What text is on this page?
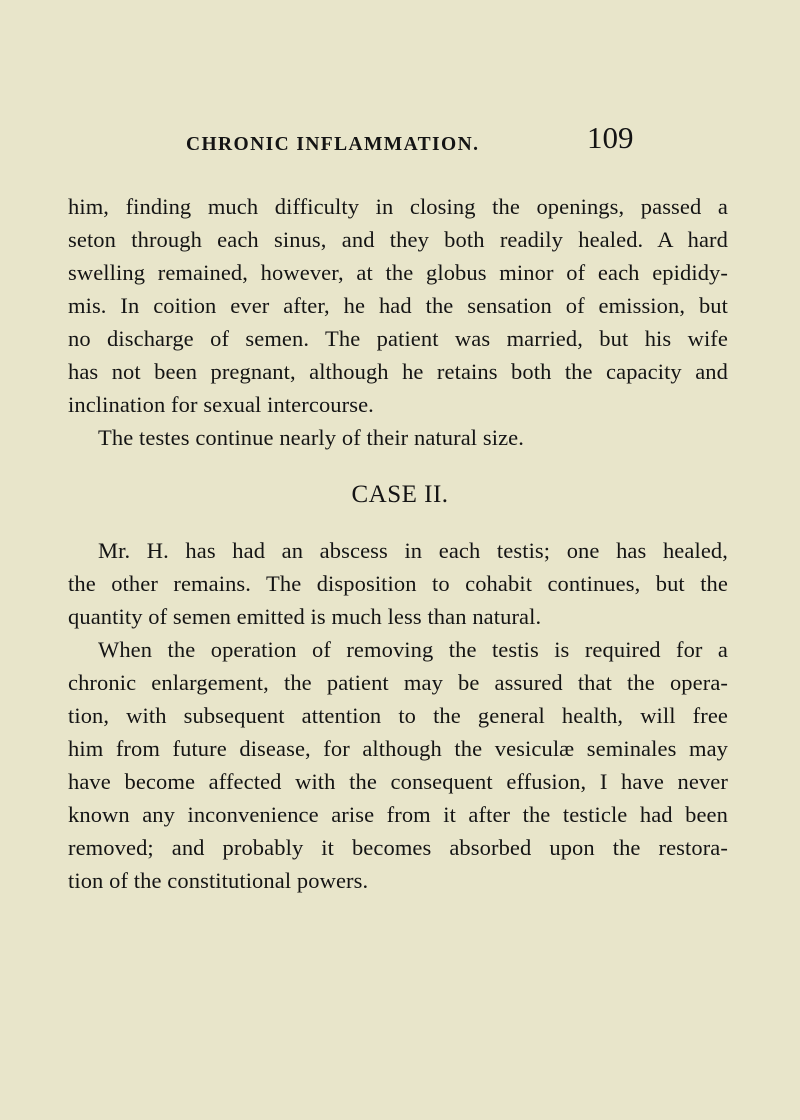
CHRONIC INFLAMMATION.	109
him, finding much difficulty in closing the openings, passed a
seton through each sinus, and they both readily healed. A hard
swelling remained, however, at the globus minor of each epididy-
mis. In coition ever after, he had the sensation of emission, but
no discharge of semen. The patient was married, but his wife
has not been pregnant, although he retains both the capacity and
inclination for sexual intercourse.
The testes continue nearly of their natural size.
CASE II.
Mr. H. has had an abscess in each testis; one has healed,
the other remains. The disposition to cohabit continues, but the
quantity of semen emitted is much less than natural.
When the operation of removing the testis is required for a
chronic enlargement, the patient may be assured that the opera-
tion, with subsequent attention to the general health, will free
him from future disease, for although the vesiculæ seminales may
have become affected with the consequent effusion, I have never
known any inconvenience arise from it after the testicle had been
removed; and probably it becomes absorbed upon the restora-
tion of the constitutional powers.
